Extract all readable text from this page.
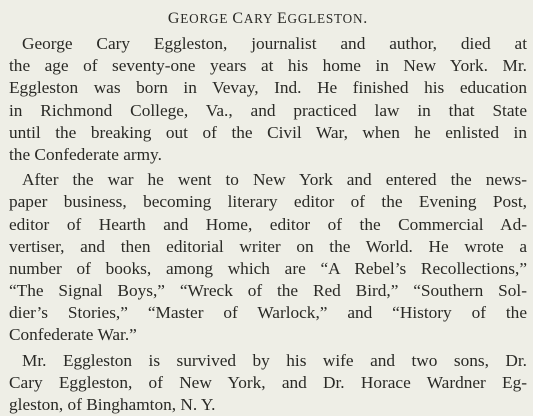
GEORGE CARY EGGLESTON.
George Cary Eggleston, journalist and author, died at
the age of seventy-one years at his home in New York. Mr.
Eggleston was born in Vevay, Ind. He finished his education
in Richmond College, Va., and practiced law in that State
until the breaking out of the Civil War, when he enlisted in
the Confederate army.
After the war he went to New York and entered the news-
paper business, becoming literary editor of the Evening Post,
editor of Hearth and Home, editor of the Commercial Ad-
vertiser, and then editorial writer on the World. He wrote a
number of books, among which are “A Rebel’s Recollections,”
“The Signal Boys,” “Wreck of the Red Bird,” “Southern Sol-
dier’s Stories,” “Master of Warlock,” and “History of the
Confederate War.”
Mr. Eggleston is survived by his wife and two sons, Dr.
Cary Eggleston, of New York, and Dr. Horace Wardner Eg-
gleston, of Binghamton, N. Y.
